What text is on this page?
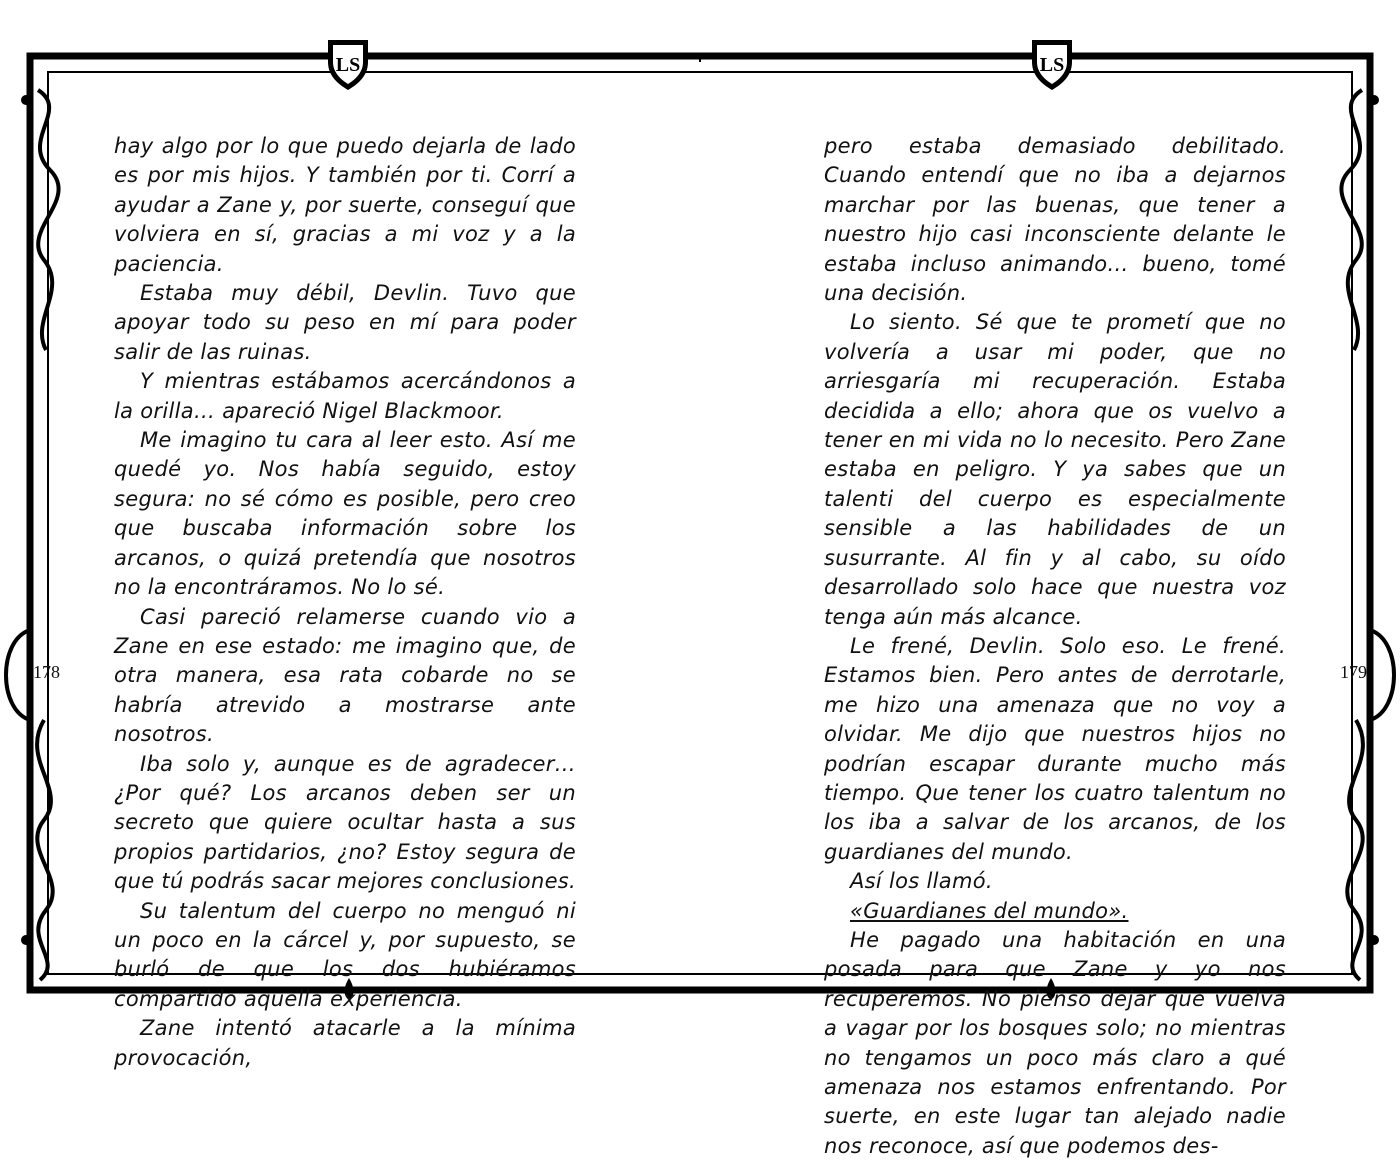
LS	LS

hay algo por lo que puedo dejarla de lado es por mis hijos. Y también por ti. Corrí a ayudar a Zane y, por suerte, conseguí que volviera en sí, gracias a mi voz y a la paciencia.

Estaba muy débil, Devlin. Tuvo que apoyar todo su peso en mí para poder salir de las ruinas.

Y mientras estábamos acercándonos a la orilla… apareció Nigel Blackmoor.

Me imagino tu cara al leer esto. Así me quedé yo. Nos había seguido, estoy segura: no sé cómo es posible, pero creo que buscaba información sobre los arcanos, o quizá pretendía que nosotros no la encontráramos. No lo sé.

Casi pareció relamerse cuando vio a Zane en ese estado: me imagino que, de otra manera, esa rata cobarde no se habría atrevido a mostrarse ante nosotros.

Iba solo y, aunque es de agradecer… ¿Por qué? Los arcanos deben ser un secreto que quiere ocultar hasta a sus propios partidarios, ¿no? Estoy segura de que tú podrás sacar mejores conclusiones.

Su talentum del cuerpo no menguó ni un poco en la cárcel y, por supuesto, se burló de que los dos hubiéramos compartido aquella experiencia.

Zane intentó atacarle a la mínima provocación,

pero estaba demasiado debilitado. Cuando entendí que no iba a dejarnos marchar por las buenas, que tener a nuestro hijo casi inconsciente delante le estaba incluso animando… bueno, tomé una decisión.

Lo siento. Sé que te prometí que no volvería a usar mi poder, que no arriesgaría mi recuperación. Estaba decidida a ello; ahora que os vuelvo a tener en mi vida no lo necesito. Pero Zane estaba en peligro. Y ya sabes que un talenti del cuerpo es especialmente sensible a las habilidades de un susurrante. Al fin y al cabo, su oído desarrollado solo hace que nuestra voz tenga aún más alcance.

Le frené, Devlin. Solo eso. Le frené. Estamos bien. Pero antes de derrotarle, me hizo una amenaza que no voy a olvidar. Me dijo que nuestros hijos no podrían escapar durante mucho más tiempo. Que tener los cuatro talentum no los iba a salvar de los arcanos, de los guardianes del mundo.

Así los llamó.

«Guardianes del mundo».

He pagado una habitación en una posada para que Zane y yo nos recuperemos. No pienso dejar que vuelva a vagar por los bosques solo; no mientras no tengamos un poco más claro a qué amenaza nos estamos enfrentando. Por suerte, en este lugar tan alejado nadie nos reconoce, así que podemos des-

178	179
